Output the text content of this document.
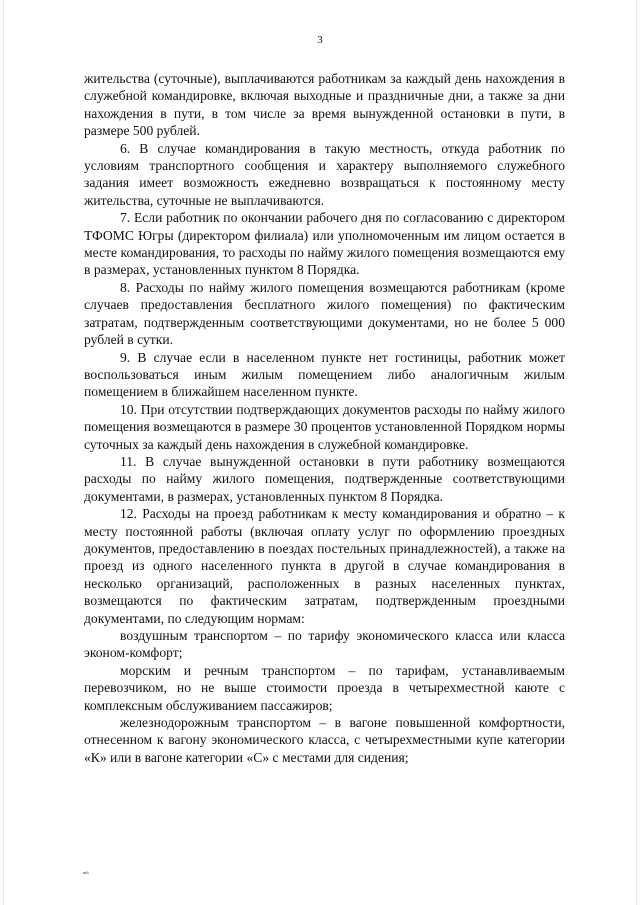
3

жительства (суточные), выплачиваются работникам за каждый день нахождения в служебной командировке, включая выходные и праздничные дни, а также за дни нахождения в пути, в том числе за время вынужденной остановки в пути, в размере 500 рублей.

6. В случае командирования в такую местность, откуда работник по условиям транспортного сообщения и характеру выполняемого служебного задания имеет возможность ежедневно возвращаться к постоянному месту жительства, суточные не выплачиваются.

7. Если работник по окончании рабочего дня по согласованию с директором ТФОМС Югры (директором филиала) или уполномоченным им лицом остается в месте командирования, то расходы по найму жилого помещения возмещаются ему в размерах, установленных пунктом 8 Порядка.

8. Расходы по найму жилого помещения возмещаются работникам (кроме случаев предоставления бесплатного жилого помещения) по фактическим затратам, подтвержденным соответствующими документами, но не более 5 000 рублей в сутки.

9. В случае если в населенном пункте нет гостиницы, работник может воспользоваться иным жилым помещением либо аналогичным жилым помещением в ближайшем населенном пункте.

10. При отсутствии подтверждающих документов расходы по найму жилого помещения возмещаются в размере 30 процентов установленной Порядком нормы суточных за каждый день нахождения в служебной командировке.

11. В случае вынужденной остановки в пути работнику возмещаются расходы по найму жилого помещения, подтвержденные соответствующими документами, в размерах, установленных пунктом 8 Порядка.

12. Расходы на проезд работникам к месту командирования и обратно – к месту постоянной работы (включая оплату услуг по оформлению проездных документов, предоставлению в поездах постельных принадлежностей), а также на проезд из одного населенного пункта в другой в случае командирования в несколько организаций, расположенных в разных населенных пунктах, возмещаются по фактическим затратам, подтвержденным проездными документами, по следующим нормам:

воздушным транспортом – по тарифу экономического класса или класса эконом-комфорт;

морским и речным транспортом – по тарифам, устанавливаемым перевозчиком, но не выше стоимости проезда в четырехместной каюте с комплексным обслуживанием пассажиров;

железнодорожным транспортом – в вагоне повышенной комфортности, отнесенном к вагону экономического класса, с четырехместными купе категории «К» или в вагоне категории «С» с местами для сидения;

ᵐᵇ
